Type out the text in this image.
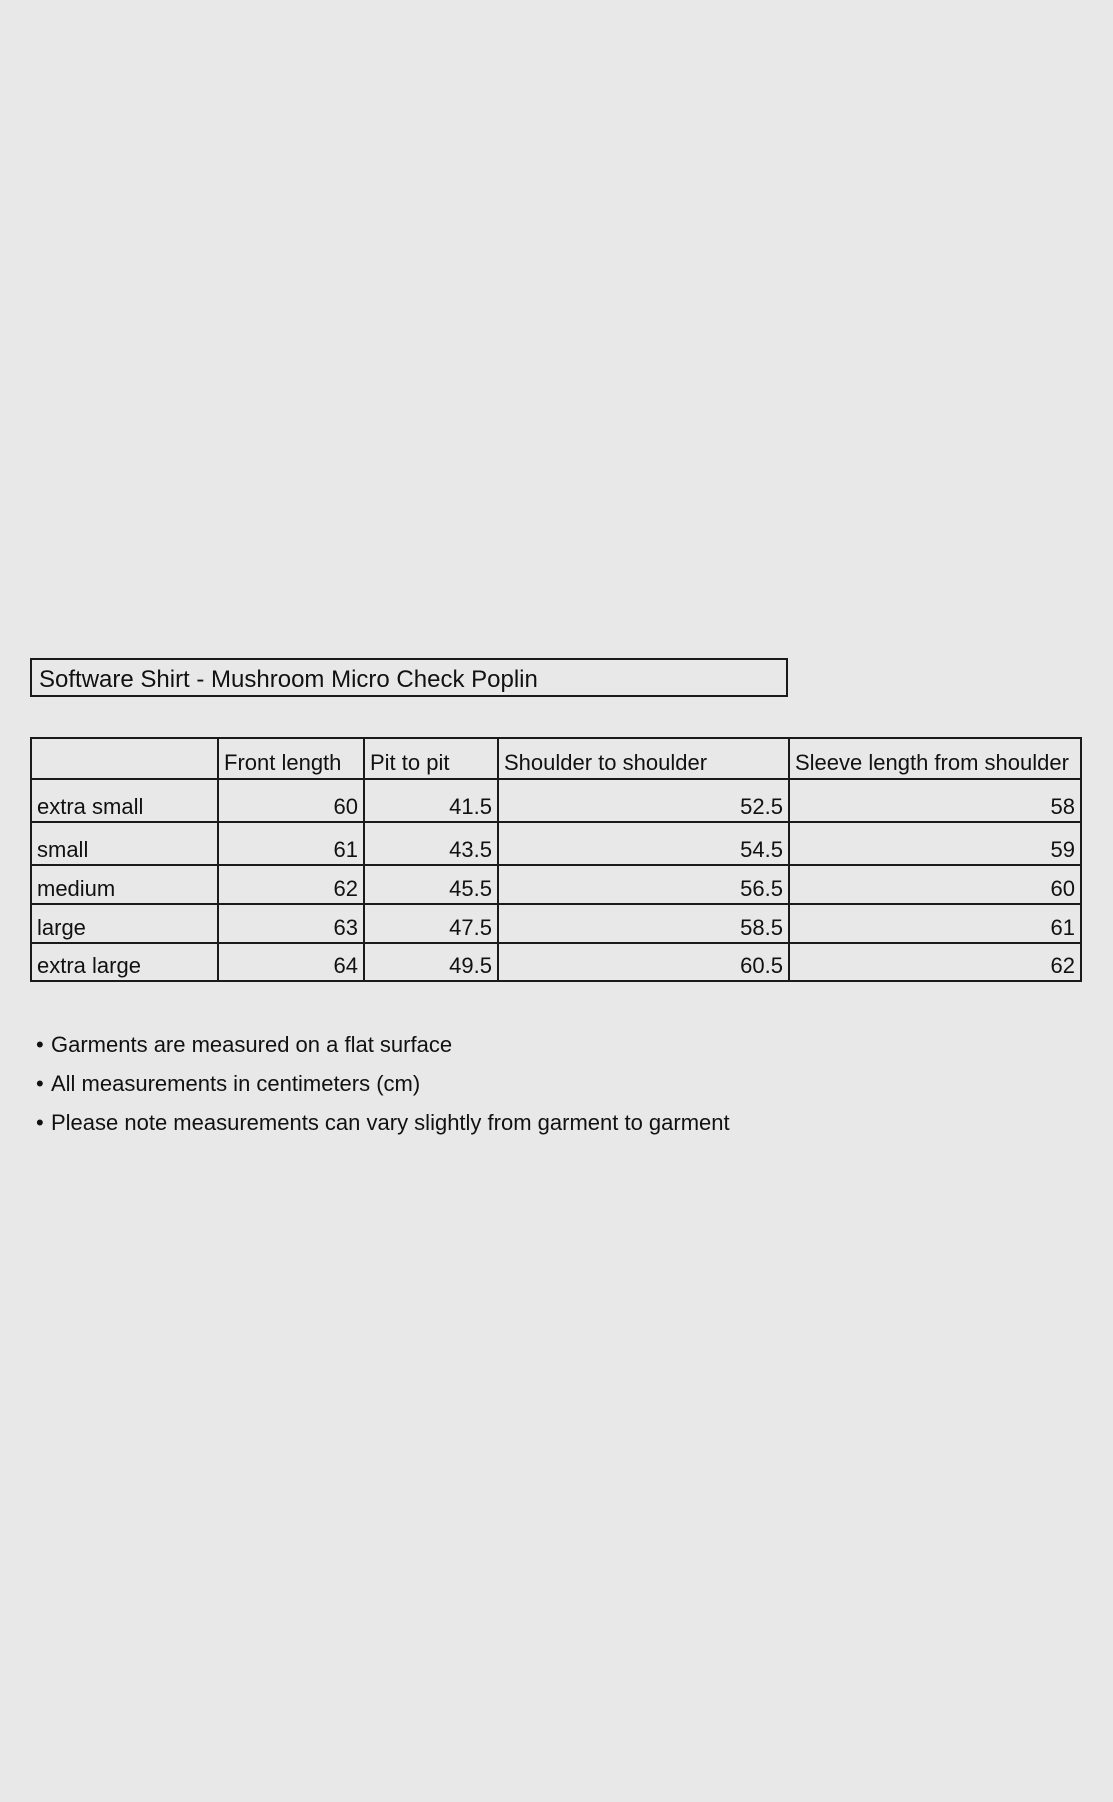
Software Shirt - Mushroom Micro Check Poplin
	Front length	Pit to pit	Shoulder to shoulder	Sleeve length from shoulder
extra small	60	41.5	52.5	58
small	61	43.5	54.5	59
medium	62	45.5	56.5	60
large	63	47.5	58.5	61
extra large	64	49.5	60.5	62
• Garments are measured on a flat surface
• All measurements in centimeters (cm)
• Please note measurements can vary slightly from garment to garment
